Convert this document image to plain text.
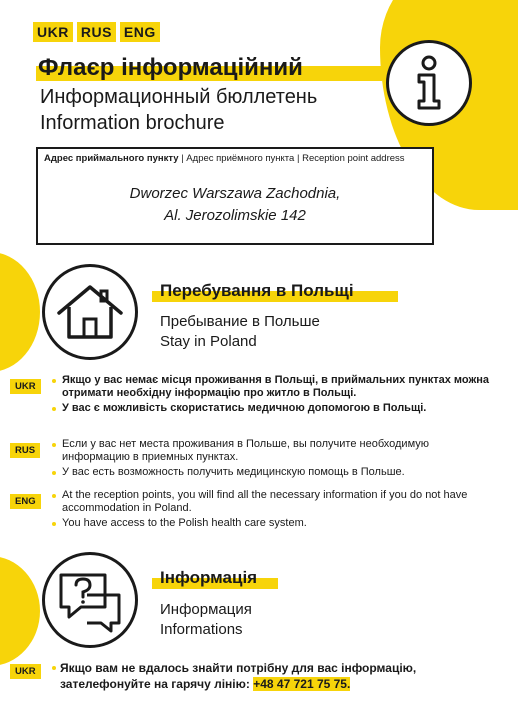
UKR RUS ENG
Флаєр інформаційний
Информационный бюллетень
Information brochure
Адрес приймального пункту | Адрес приёмного пункта | Reception point address
Dworzec Warszawa Zachodnia,
Al. Jerozolimskie 142
Перебування в Польщі
Пребывание в Польше
Stay in Poland
UKR
Якщо у вас немає місця проживання в Польщі, в приймальних пунктах можна отримати необхідну інформацію про житло в Польщі.
У вас є можливість скористатись медичною допомогою в Польщі.
RUS
Если у вас нет места проживания в Польше, вы получите необходимую информацию в приемных пунктах.
У вас есть возможность получить медицинскую помощь в Польше.
ENG
At the reception points, you will find all the necessary information if you do not have accommodation in Poland.
You have access to the Polish health care system.
Інформація
Информация
Informations
UKR	Якщо вам не вдалось знайти потрібну для вас інформацію, зателефонуйте на гарячу лінію: +48 47 721 75 75.
